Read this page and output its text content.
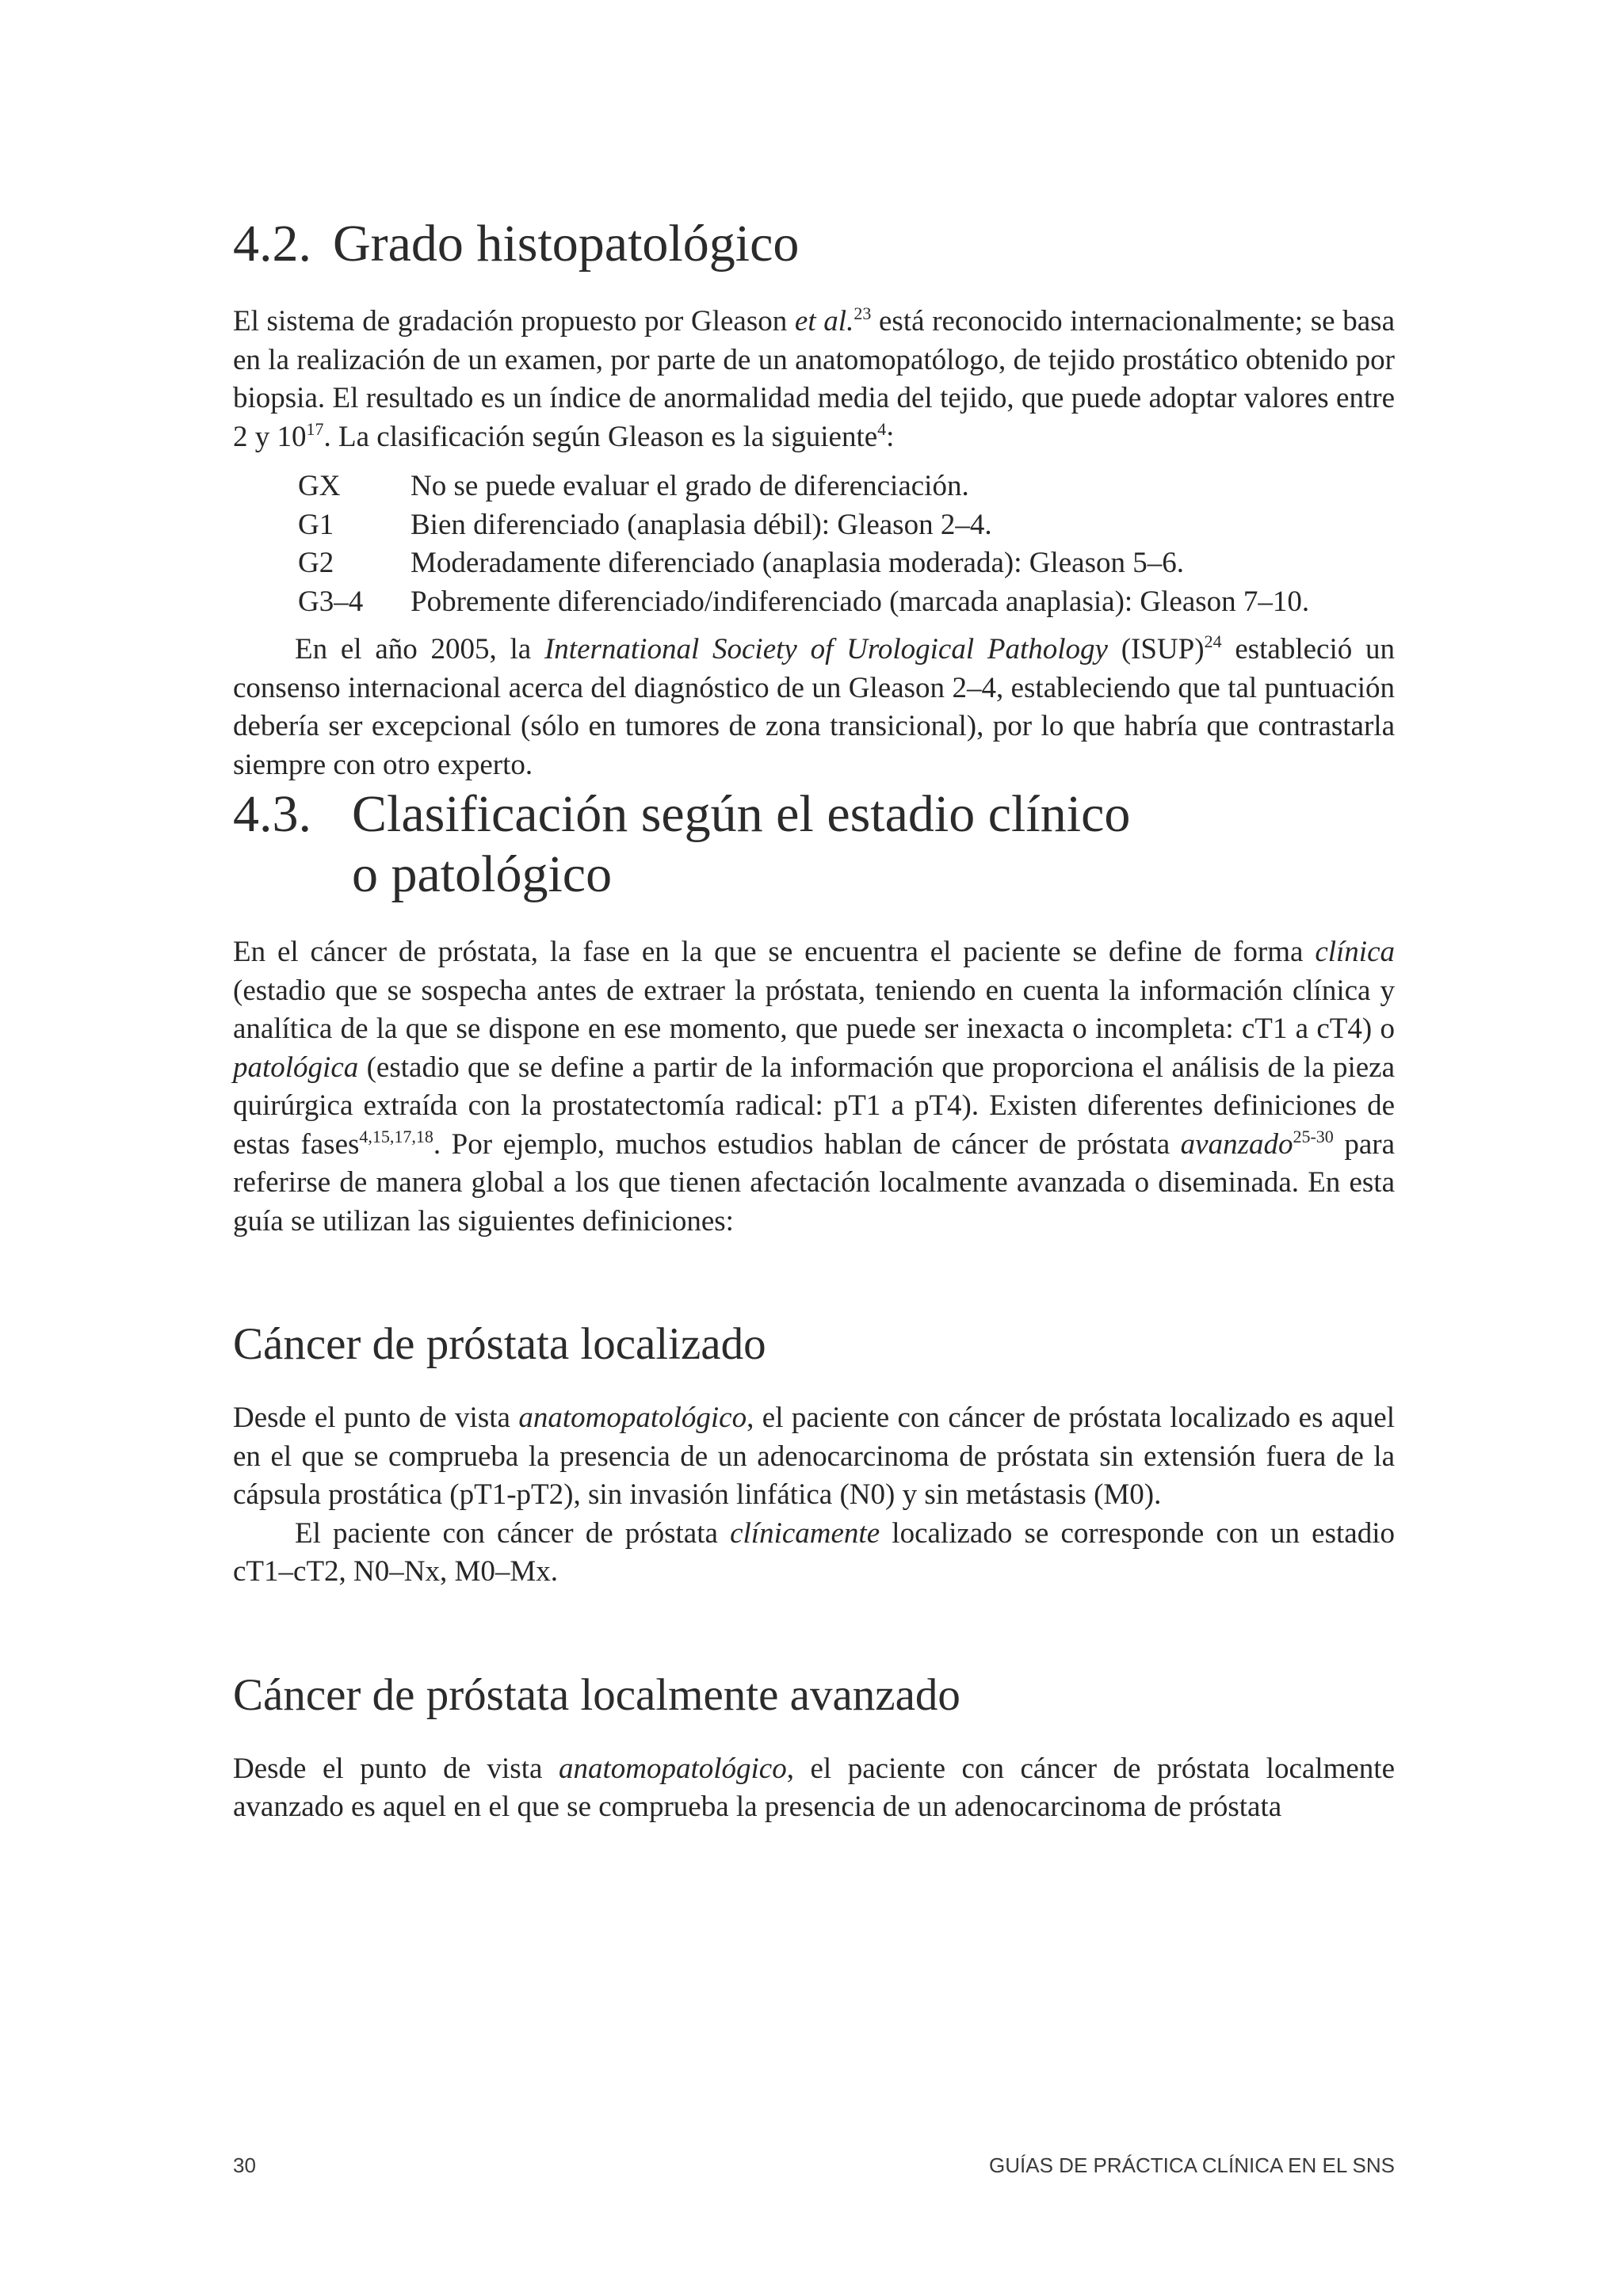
4.2. Grado histopatológico

El sistema de gradación propuesto por Gleason et al.$^{23}$ está reconocido internacionalmente; se basa en la realización de un examen, por parte de un anatomopatólogo, de tejido prostático obtenido por biopsia. El resultado es un índice de anormalidad media del tejido, que puede adoptar valores entre 2 y $10^{17}$. La clasificación según Gleason es la siguiente$^4$:

GX	No se puede evaluar el grado de diferenciación.
G1	Bien diferenciado (anaplasia débil): Gleason 2–4.
G2	Moderadamente diferenciado (anaplasia moderada): Gleason 5–6.
G3–4	Pobremente diferenciado/indiferenciado (marcada anaplasia): Gleason 7–10.

En el año 2005, la International Society of Urological Pathology (ISUP)$^{24}$ estableció un consenso internacional acerca del diagnóstico de un Gleason 2–4, estableciendo que tal puntuación debería ser excepcional (sólo en tumores de zona transicional), por lo que habría que contrastarla siempre con otro experto.

4.3. Clasificación según el estadio clínico
o patológico

En el cáncer de próstata, la fase en la que se encuentra el paciente se define de forma clínica (estadio que se sospecha antes de extraer la próstata, teniendo en cuenta la información clínica y analítica de la que se dispone en ese momento, que puede ser inexacta o incompleta: cT1 a cT4) o patológica (estadio que se define a partir de la información que proporciona el análisis de la pieza quirúrgica extraída con la prostatectomía radical: pT1 a pT4). Existen diferentes definiciones de estas fases$^{4,15,17,18}$. Por ejemplo, muchos estudios hablan de cáncer de próstata avanzado$^{25-30}$ para referirse de manera global a los que tienen afectación localmente avanzada o diseminada. En esta guía se utilizan las siguientes definiciones:

Cáncer de próstata localizado

Desde el punto de vista anatomopatológico, el paciente con cáncer de próstata localizado es aquel en el que se comprueba la presencia de un adenocarcinoma de próstata sin extensión fuera de la cápsula prostática (pT1-pT2), sin invasión linfática (N0) y sin metástasis (M0).

El paciente con cáncer de próstata clínicamente localizado se corresponde con un estadio cT1–cT2, N0–Nx, M0–Mx.

Cáncer de próstata localmente avanzado

Desde el punto de vista anatomopatológico, el paciente con cáncer de próstata localmente avanzado es aquel en el que se comprueba la presencia de un adenocarcinoma de próstata

30	GUÍAS DE PRÁCTICA CLÍNICA EN EL SNS
